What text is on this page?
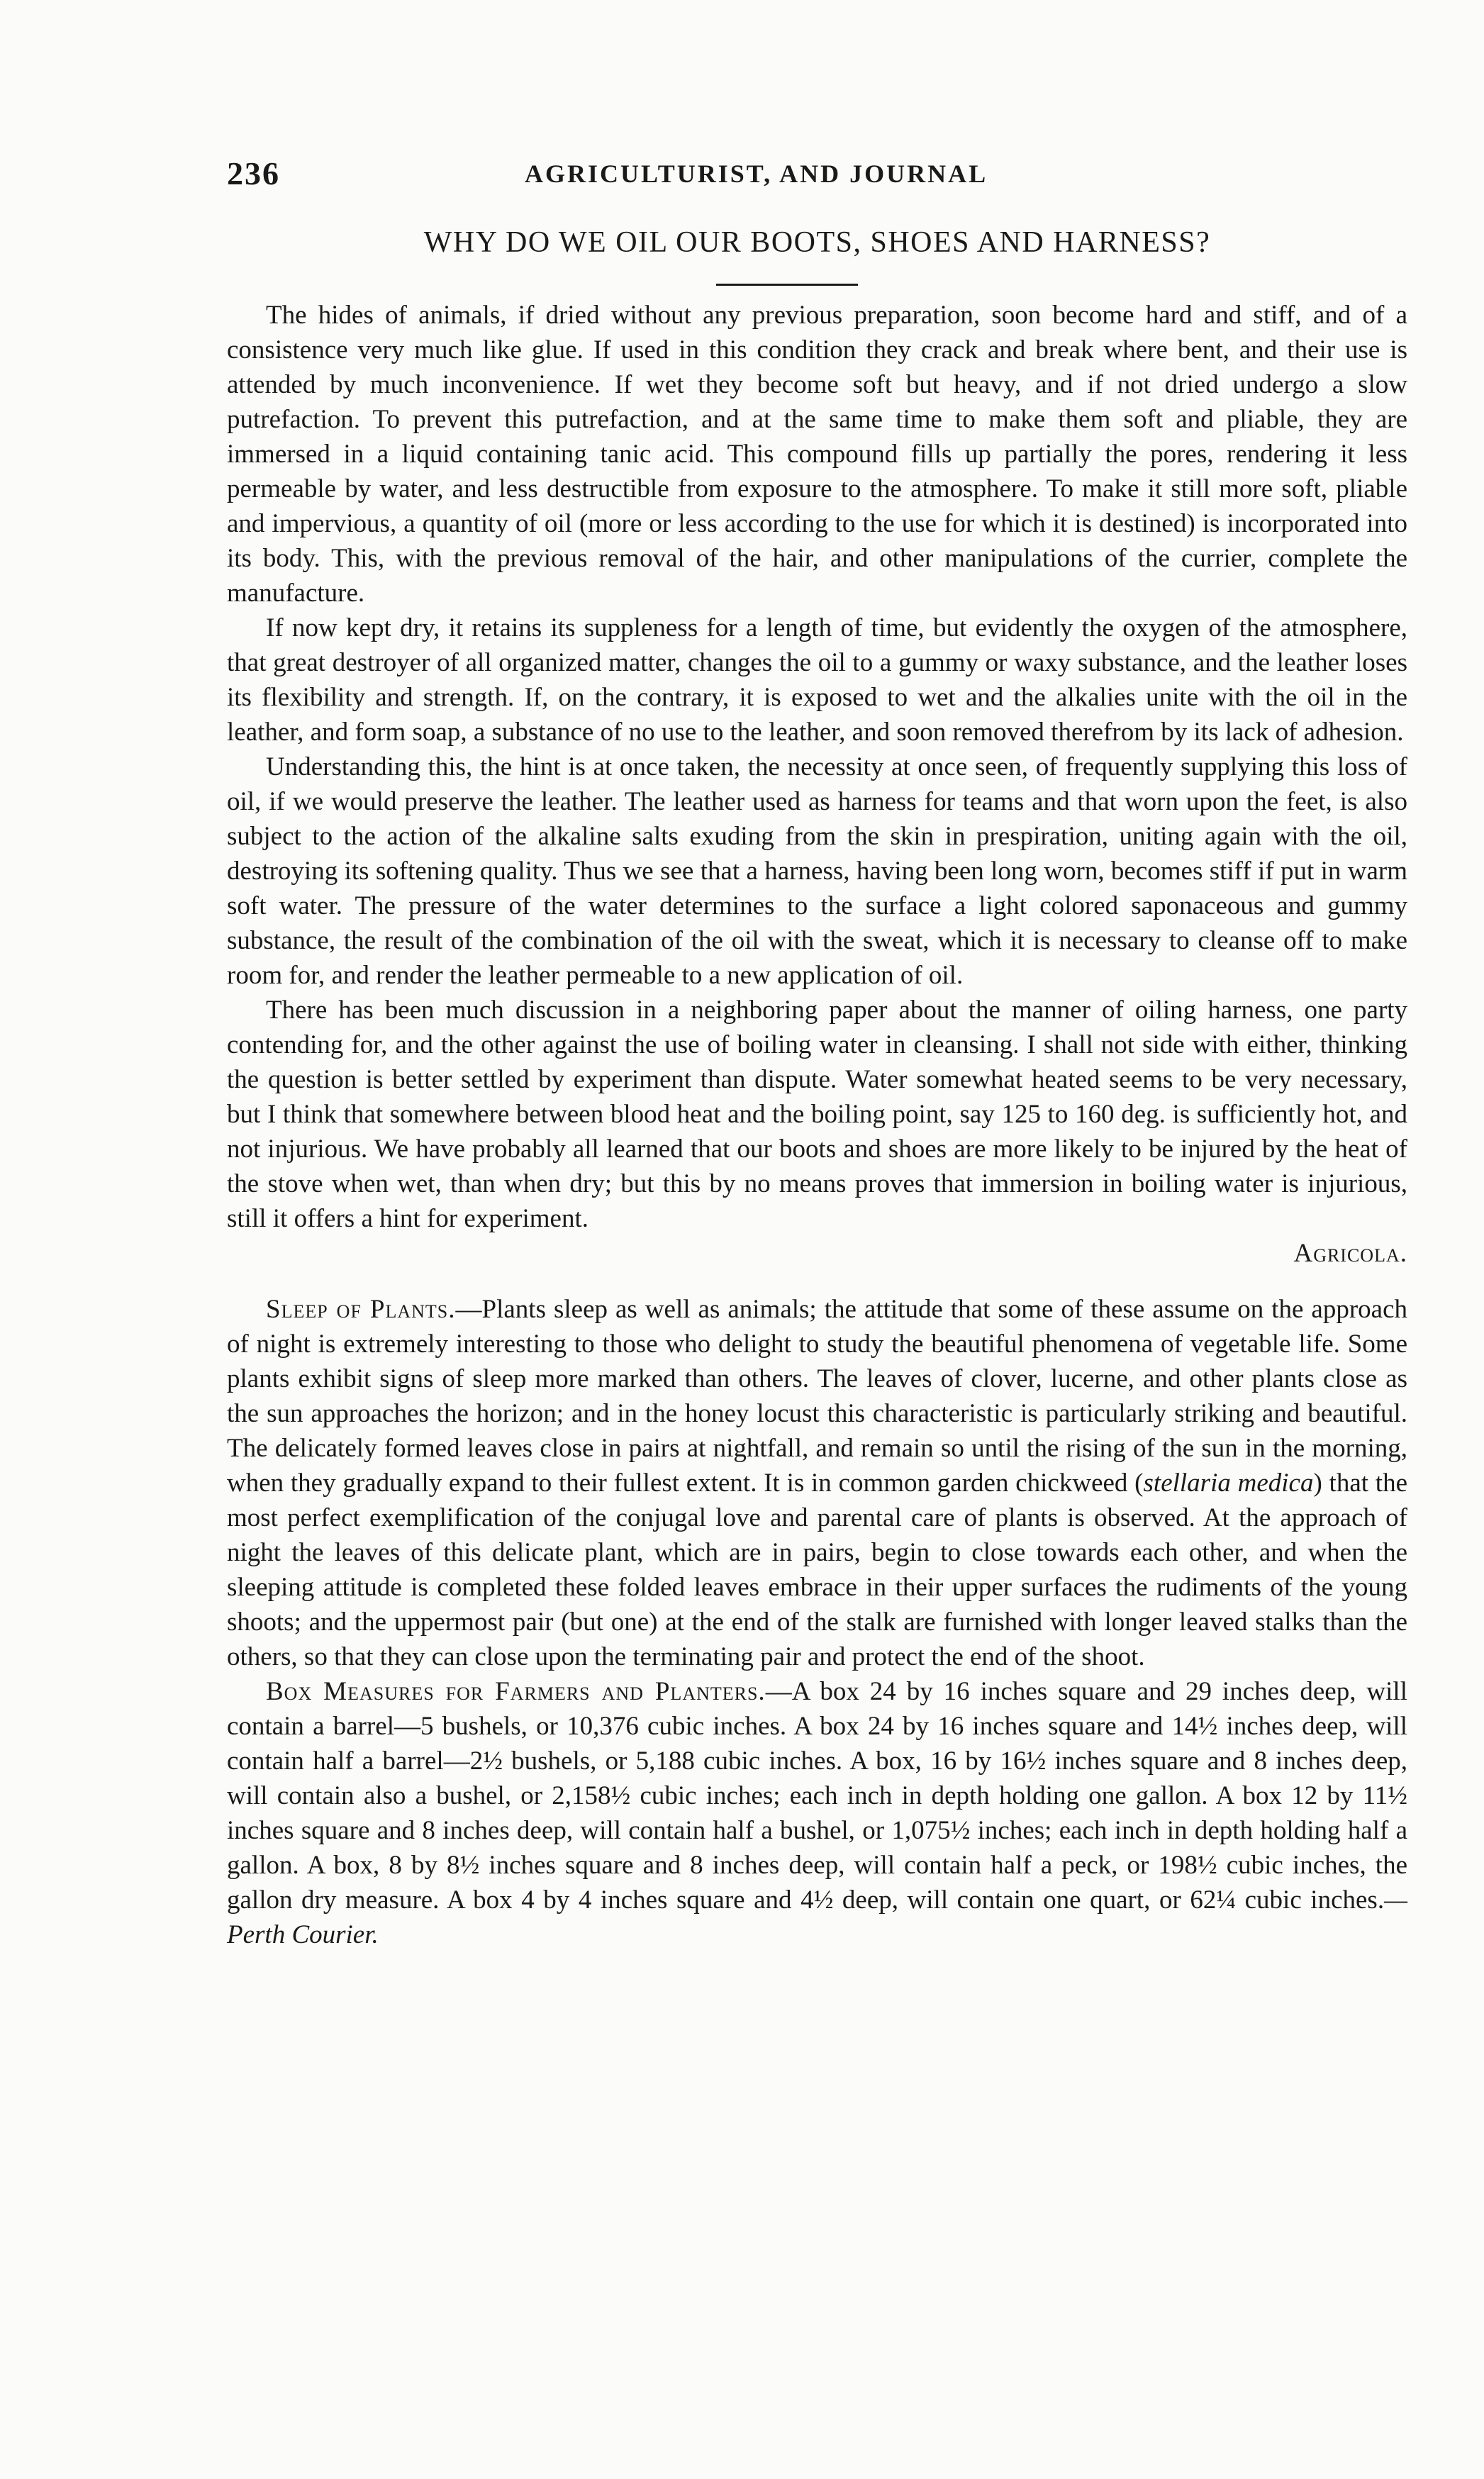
236	AGRICULTURIST, AND JOURNAL
WHY DO WE OIL OUR BOOTS, SHOES AND HARNESS?

The hides of animals, if dried without any previous preparation, soon become hard and stiff, and of a consistence very much like glue. If used in this condition they crack and break where bent, and their use is attended by much inconvenience. If wet they become soft but heavy, and if not dried undergo a slow putrefaction. To prevent this putrefaction, and at the same time to make them soft and pliable, they are immersed in a liquid containing tanic acid. This compound fills up partially the pores, rendering it less permeable by water, and less destructible from exposure to the atmosphere. To make it still more soft, pliable and impervious, a quantity of oil (more or less according to the use for which it is destined) is incorporated into its body. This, with the previous removal of the hair, and other manipulations of the currier, complete the manufacture.

If now kept dry, it retains its suppleness for a length of time, but evidently the oxygen of the atmosphere, that great destroyer of all organized matter, changes the oil to a gummy or waxy substance, and the leather loses its flexibility and strength. If, on the contrary, it is exposed to wet and the alkalies unite with the oil in the leather, and form soap, a substance of no use to the leather, and soon removed therefrom by its lack of adhesion.

Understanding this, the hint is at once taken, the necessity at once seen, of frequently supplying this loss of oil, if we would preserve the leather. The leather used as harness for teams and that worn upon the feet, is also subject to the action of the alkaline salts exuding from the skin in prespiration, uniting again with the oil, destroying its softening quality. Thus we see that a harness, having been long worn, becomes stiff if put in warm soft water. The pressure of the water determines to the surface a light colored saponaceous and gummy substance, the result of the combination of the oil with the sweat, which it is necessary to cleanse off to make room for, and render the leather permeable to a new application of oil.

There has been much discussion in a neighboring paper about the manner of oiling harness, one party contending for, and the other against the use of boiling water in cleansing. I shall not side with either, thinking the question is better settled by experiment than dispute. Water somewhat heated seems to be very necessary, but I think that somewhere between blood heat and the boiling point, say 125 to 160 deg. is sufficiently hot, and not injurious. We have probably all learned that our boots and shoes are more likely to be injured by the heat of the stove when wet, than when dry; but this by no means proves that immersion in boiling water is injurious, still it offers a hint for experiment.

Agricola.

Sleep of Plants.—Plants sleep as well as animals; the attitude that some of these assume on the approach of night is extremely interesting to those who delight to study the beautiful phenomena of vegetable life. Some plants exhibit signs of sleep more marked than others. The leaves of clover, lucerne, and other plants close as the sun approaches the horizon; and in the honey locust this characteristic is particularly striking and beautiful. The delicately formed leaves close in pairs at nightfall, and remain so until the rising of the sun in the morning, when they gradually expand to their fullest extent. It is in common garden chickweed (stellaria medica) that the most perfect exemplification of the conjugal love and parental care of plants is observed. At the approach of night the leaves of this delicate plant, which are in pairs, begin to close towards each other, and when the sleeping attitude is completed these folded leaves embrace in their upper surfaces the rudiments of the young shoots; and the uppermost pair (but one) at the end of the stalk are furnished with longer leaved stalks than the others, so that they can close upon the terminating pair and protect the end of the shoot.

Box Measures for Farmers and Planters.—A box 24 by 16 inches square and 29 inches deep, will contain a barrel—5 bushels, or 10,376 cubic inches. A box 24 by 16 inches square and 14½ inches deep, will contain half a barrel—2½ bushels, or 5,188 cubic inches. A box, 16 by 16½ inches square and 8 inches deep, will contain also a bushel, or 2,158½ cubic inches; each inch in depth holding one gallon. A box 12 by 11½ inches square and 8 inches deep, will contain half a bushel, or 1,075½ inches; each inch in depth holding half a gallon. A box, 8 by 8½ inches square and 8 inches deep, will contain half a peck, or 198½ cubic inches, the gallon dry measure. A box 4 by 4 inches square and 4½ deep, will contain one quart, or 62¼ cubic inches.—Perth Courier.
